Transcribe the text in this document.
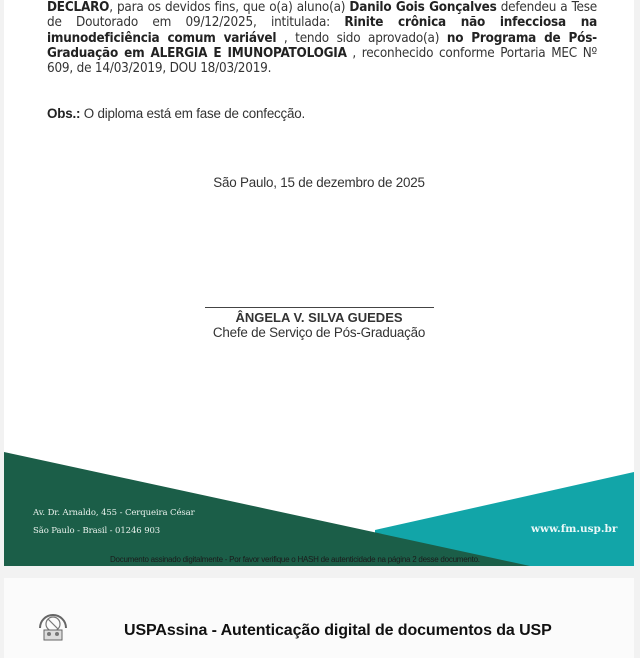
DECLARO, para os devidos fins, que o(a) aluno(a) Danilo Gois Gonçalves defendeu a Tese de Doutorado em 09/12/2025, intitulada: Rinite crônica não infecciosa na imunodeficiência comum variável , tendo sido aprovado(a) no Programa de Pós- Graduação em ALERGIA E IMUNOPATOLOGIA , reconhecido conforme Portaria MEC Nº 609, de 14/03/2019, DOU 18/03/2019.
Obs.: O diploma está em fase de confecção.
São Paulo, 15 de dezembro de 2025
ÂNGELA V. SILVA GUEDES
Chefe de Serviço de Pós-Graduação
Av. Dr. Arnaldo, 455 - Cerqueira César
São Paulo - Brasil - 01246 903	www.fm.usp.br
Documento assinado digitalmente - Por favor verifique o HASH de autenticidade na página 2 desse documento.
USPAssina - Autenticação digital de documentos da USP
